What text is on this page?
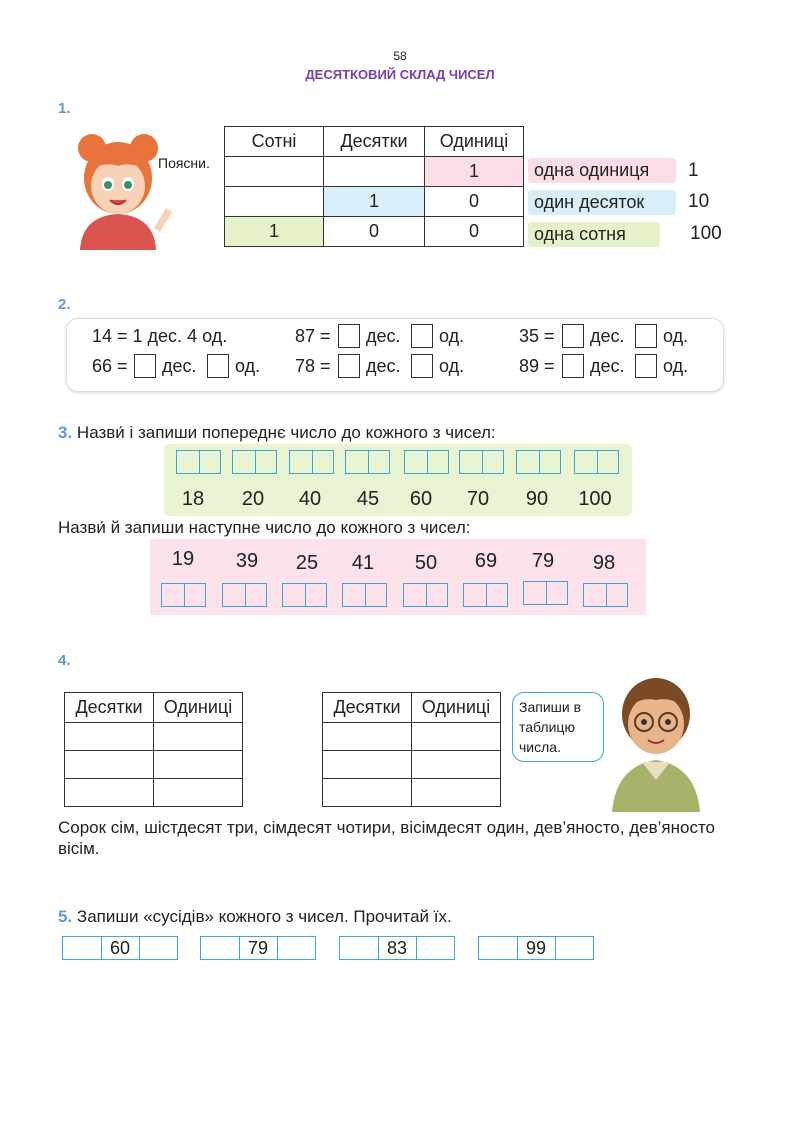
58
ДЕСЯТКОВИЙ СКЛАД ЧИСЕЛ
1.
Поясни.
Сотні	Десятки	Одиниці
		1
	1	0
1	0	0
одна одиниця
один десяток
одна сотня
1
10
100
2.
14 = 1 дес. 4 од.	87 = дес. од.	35 = дес. од.
66 = дес. од. 78 = дес. од.	89 = дес. од.
3. Назви́ і запиши попереднє число до кожного з чисел:
18	20	40	45	60	70	90	100
Назви́ й запиши наступне число до кожного з чисел:
19	39	25	41	50	69	79	98
4.
Десятки	Одиниці

		Десятки	Одиниці

		Запиши в таблицю числа.
Сорок сім, шістдесят три, сімдесят чотири, вісімдесят один, дев’яносто, дев’яносто вісім.
5. Запиши «сусідів» кожного з чисел. Прочитай їх.
60	79	83	99
